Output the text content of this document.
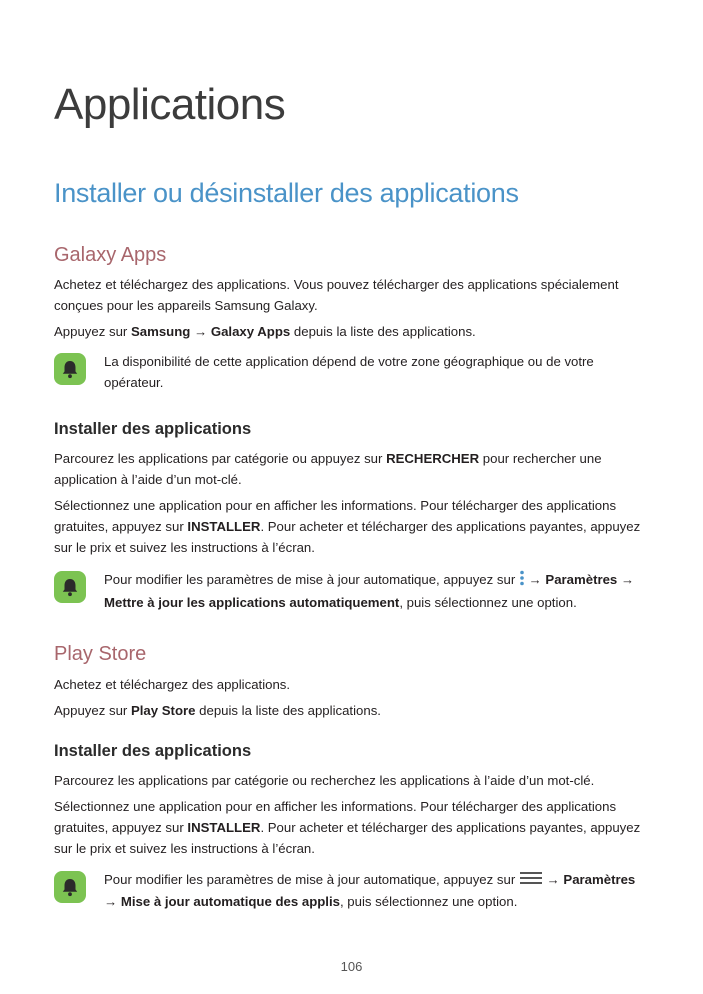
Applications
Installer ou désinstaller des applications
Galaxy Apps

Achetez et téléchargez des applications. Vous pouvez télécharger des applications spécialement conçues pour les appareils Samsung Galaxy.

Appuyez sur Samsung → Galaxy Apps depuis la liste des applications.

La disponibilité de cette application dépend de votre zone géographique ou de votre opérateur.
Installer des applications

Parcourez les applications par catégorie ou appuyez sur RECHERCHER pour rechercher une application à l’aide d’un mot-clé.

Sélectionnez une application pour en afficher les informations. Pour télécharger des applications gratuites, appuyez sur INSTALLER. Pour acheter et télécharger des applications payantes, appuyez sur le prix et suivez les instructions à l’écran.

Pour modifier les paramètres de mise à jour automatique, appuyez sur  → Paramètres → Mettre à jour les applications automatiquement, puis sélectionnez une option.
Play Store

Achetez et téléchargez des applications.

Appuyez sur Play Store depuis la liste des applications.

Installer des applications

Parcourez les applications par catégorie ou recherchez les applications à l’aide d’un mot-clé.

Sélectionnez une application pour en afficher les informations. Pour télécharger des applications gratuites, appuyez sur INSTALLER. Pour acheter et télécharger des applications payantes, appuyez sur le prix et suivez les instructions à l’écran.

Pour modifier les paramètres de mise à jour automatique, appuyez sur  → Paramètres
→ Mise à jour automatique des applis, puis sélectionnez une option.
106
